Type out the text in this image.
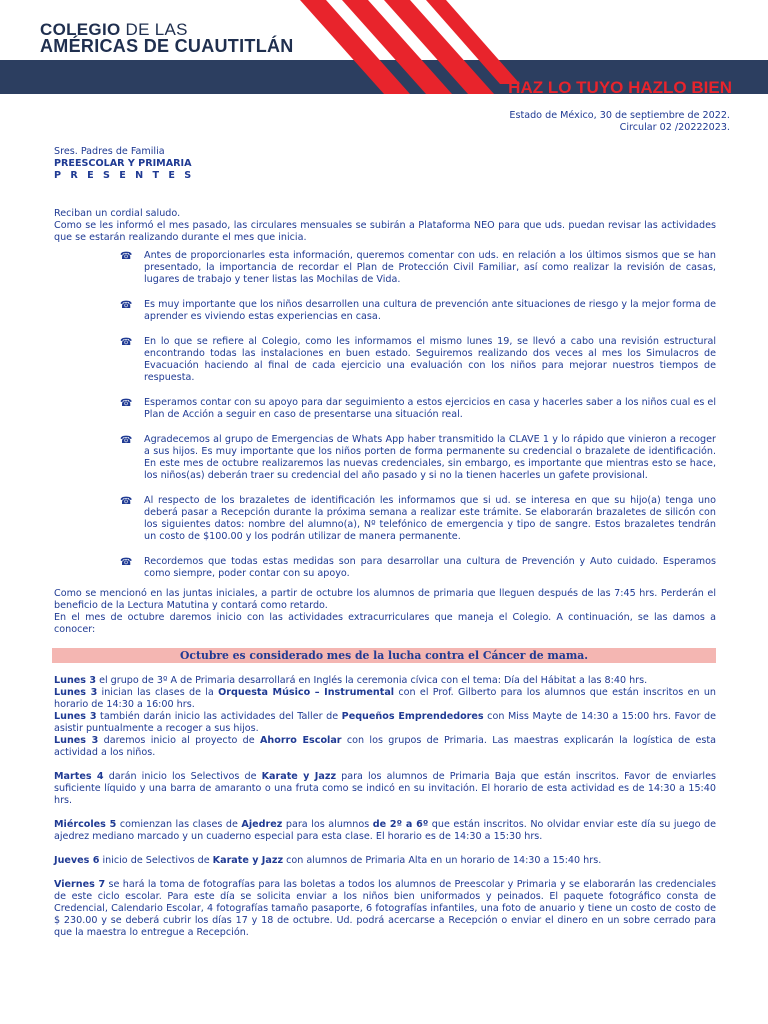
COLEGIO DE LAS
AMÉRICAS DE CUAUTITLÁN
HAZ LO TUYO HAZLO BIEN
Estado de México, 30 de septiembre de 2022.
Circular 02 /20222023.
Sres. Padres de Familia
PREESCOLAR Y PRIMARIA
P R E S E N T E S

Reciban un cordial saludo.

Como se les informó el mes pasado, las circulares mensuales se subirán a Plataforma NEO para que uds. puedan revisar las actividades que se estarán realizando durante el mes que inicia.

☎ Antes de proporcionarles esta información, queremos comentar con uds. en relación a los últimos sismos que se han presentado, la importancia de recordar el Plan de Protección Civil Familiar, así como realizar la revisión de casas, lugares de trabajo y tener listas las Mochilas de Vida.
☎ Es muy importante que los niños desarrollen una cultura de prevención ante situaciones de riesgo y la mejor forma de aprender es viviendo estas experiencias en casa.
☎ En lo que se refiere al Colegio, como les informamos el mismo lunes 19, se llevó a cabo una revisión estructural encontrando todas las instalaciones en buen estado. Seguiremos realizando dos veces al mes los Simulacros de Evacuación haciendo al final de cada ejercicio una evaluación con los niños para mejorar nuestros tiempos de respuesta.
☎ Esperamos contar con su apoyo para dar seguimiento a estos ejercicios en casa y hacerles saber a los niños cual es el Plan de Acción a seguir en caso de presentarse una situación real.
☎ Agradecemos al grupo de Emergencias de Whats App haber transmitido la CLAVE 1 y lo rápido que vinieron a recoger a sus hijos. Es muy importante que los niños porten de forma permanente su credencial o brazalete de identificación. En este mes de octubre realizaremos las nuevas credenciales, sin embargo, es importante que mientras esto se hace, los niños(as) deberán traer su credencial del año pasado y si no la tienen hacerles un gafete provisional.
☎ Al respecto de los brazaletes de identificación les informamos que si ud. se interesa en que su hijo(a) tenga uno deberá pasar a Recepción durante la próxima semana a realizar este trámite. Se elaborarán brazaletes de silicón con los siguientes datos: nombre del alumno(a), Nº telefónico de emergencia y tipo de sangre. Estos brazaletes tendrán un costo de $100.00 y los podrán utilizar de manera permanente.
☎ Recordemos que todas estas medidas son para desarrollar una cultura de Prevención y Auto cuidado. Esperamos como siempre, poder contar con su apoyo.

Como se mencionó en las juntas iniciales, a partir de octubre los alumnos de primaria que lleguen después de las 7:45 hrs. Perderán el beneficio de la Lectura Matutina y contará como retardo.

En el mes de octubre daremos inicio con las actividades extracurriculares que maneja el Colegio. A continuación, se las damos a conocer:

Octubre es considerado mes de la lucha contra el Cáncer de mama.

Lunes 3 el grupo de 3º A de Primaria desarrollará en Inglés la ceremonia cívica con el tema: Día del Hábitat a las 8:40 hrs.

Lunes 3 inician las clases de la Orquesta Músico – Instrumental con el Prof. Gilberto para los alumnos que están inscritos en un horario de 14:30 a 16:00 hrs.

Lunes 3 también darán inicio las actividades del Taller de Pequeños Emprendedores con Miss Mayte de 14:30 a 15:00 hrs. Favor de asistir puntualmente a recoger a sus hijos.

Lunes 3 daremos inicio al proyecto de Ahorro Escolar con los grupos de Primaria. Las maestras explicarán la logística de esta actividad a los niños.

Martes 4 darán inicio los Selectivos de Karate y Jazz para los alumnos de Primaria Baja que están inscritos. Favor de enviarles suficiente líquido y una barra de amaranto o una fruta como se indicó en su invitación. El horario de esta actividad es de 14:30 a 15:40 hrs.

Miércoles 5 comienzan las clases de Ajedrez para los alumnos de 2º a 6º que están inscritos. No olvidar enviar este día su juego de ajedrez mediano marcado y un cuaderno especial para esta clase. El horario es de 14:30 a 15:30 hrs.

Jueves 6 inicio de Selectivos de Karate y Jazz con alumnos de Primaria Alta en un horario de 14:30 a 15:40 hrs.

Viernes 7 se hará la toma de fotografías para las boletas a todos los alumnos de Preescolar y Primaria y se elaborarán las credenciales de este ciclo escolar. Para este día se solicita enviar a los niños bien uniformados y peinados. El paquete fotográfico consta de Credencial, Calendario Escolar, 4 fotografías tamaño pasaporte, 6 fotografías infantiles, una foto de anuario y tiene un costo de costo de $ 230.00 y se deberá cubrir los días 17 y 18 de octubre. Ud. podrá acercarse a Recepción o enviar el dinero en un sobre cerrado para que la maestra lo entregue a Recepción.
